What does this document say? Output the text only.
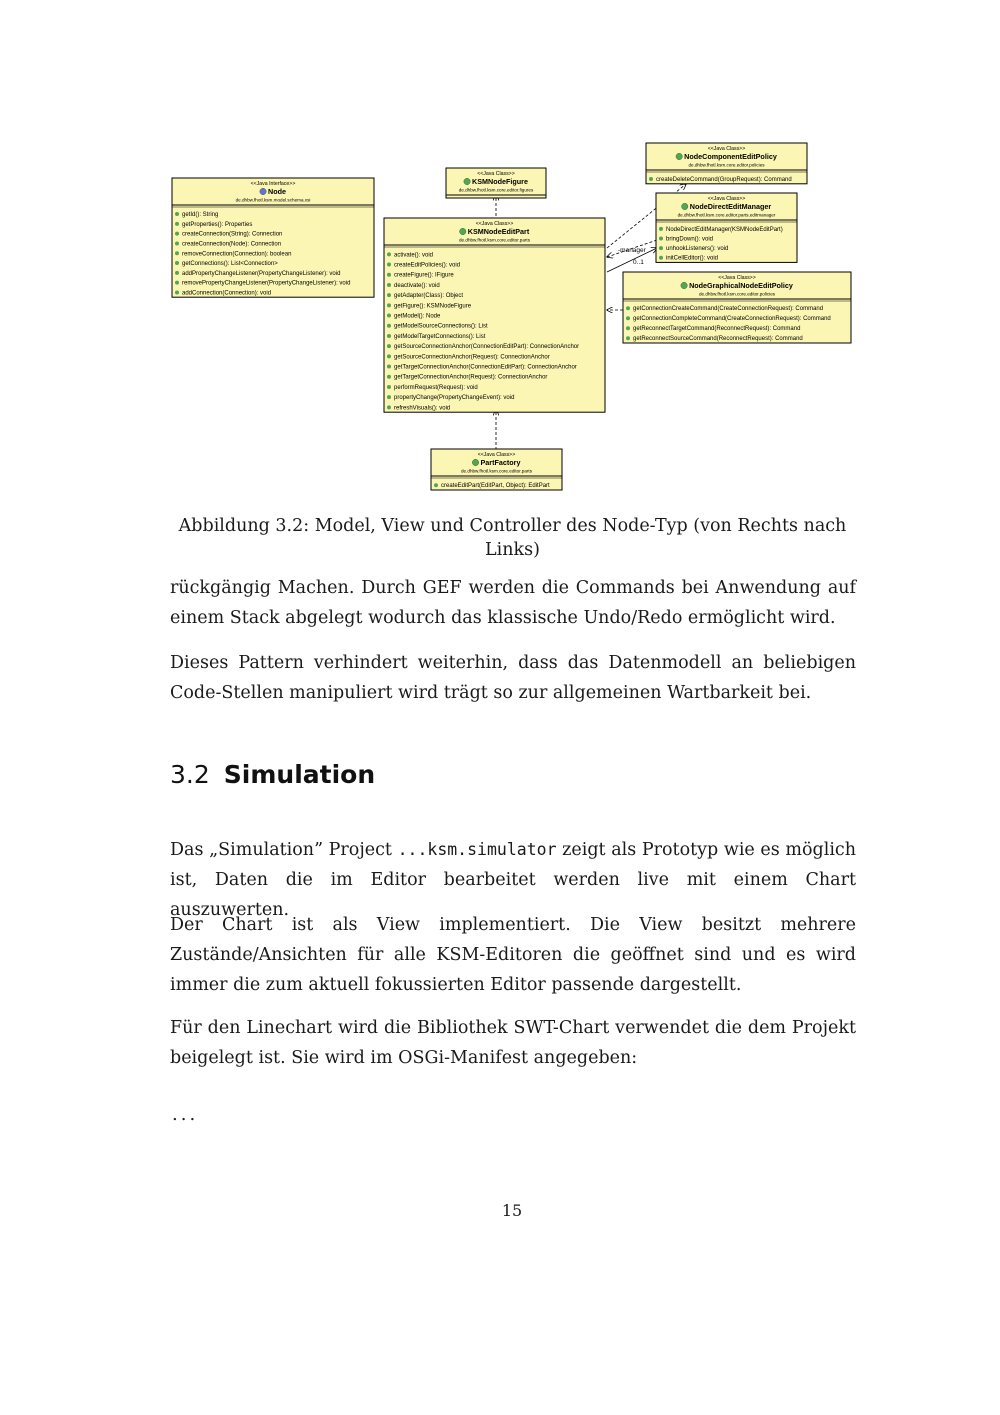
-manager
0..1
<<Java Interface>>
Node
de.dhbw.fhotl.ksm.model.schema.xsi
getId(): String
getProperties(): Properties
createConnection(String): Connection
createConnection(Node): Connection
removeConnection(Connection): boolean
getConnections(): List<Connection>
addPropertyChangeListener(PropertyChangeListener): void
removePropertyChangeListener(PropertyChangeListener): void
addConnection(Connection): void
<<Java Class>>
KSMNodeFigure
de.dhbw.fhotl.ksm.core.editor.figures
<<Java Class>>
KSMNodeEditPart
de.dhbw.fhotl.ksm.core.editor.parts
activate(): void
createEditPolicies(): void
createFigure(): IFigure
deactivate(): void
getAdapter(Class): Object
getFigure(): KSMNodeFigure
getModel(): Node
getModelSourceConnections(): List
getModelTargetConnections(): List
getSourceConnectionAnchor(ConnectionEditPart): ConnectionAnchor
getSourceConnectionAnchor(Request): ConnectionAnchor
getTargetConnectionAnchor(ConnectionEditPart): ConnectionAnchor
getTargetConnectionAnchor(Request): ConnectionAnchor
performRequest(Request): void
propertyChange(PropertyChangeEvent): void
refreshVisuals(): void
<<Java Class>>
NodeComponentEditPolicy
de.dhbw.fhotl.ksm.core.editor.policies
createDeleteCommand(GroupRequest): Command
<<Java Class>>
NodeDirectEditManager
de.dhbw.fhotl.ksm.core.editor.parts.editmanager
NodeDirectEditManager(KSMNodeEditPart)
bringDown(): void
unhookListeners(): void
initCellEditor(): void
<<Java Class>>
NodeGraphicalNodeEditPolicy
de.dhbw.fhotl.ksm.core.editor.policies
getConnectionCreateCommand(CreateConnectionRequest): Command
getConnectionCompleteCommand(CreateConnectionRequest): Command
getReconnectTargetCommand(ReconnectRequest): Command
getReconnectSourceCommand(ReconnectRequest): Command
<<Java Class>>
PartFactory
de.dhbw.fhotl.ksm.core.editor.parts
createEditPart(EditPart, Object): EditPart
Abbildung 3.2: Model, View und Controller des Node-Typ (von Rechts nach Links)

rückgängig Machen. Durch GEF werden die Commands bei Anwendung auf einem Stack abgelegt wodurch das klassische Undo/Redo ermöglicht wird.

Dieses Pattern verhindert weiterhin, dass das Datenmodell an beliebigen Code-Stellen manipuliert wird trägt so zur allgemeinen Wartbarkeit bei.

3.2 Simulation

Das „Simulation” Project ...ksm.simulator zeigt als Prototyp wie es möglich ist, Daten die im Editor bearbeitet werden live mit einem Chart auszuwerten.

Der Chart ist als View implementiert. Die View besitzt mehrere Zustände/Ansichten für alle KSM-Editoren die geöffnet sind und es wird immer die zum aktuell fokussierten Editor passende dargestellt.

Für den Linechart wird die Bibliothek SWT-Chart verwendet die dem Projekt beigelegt ist. Sie wird im OSGi-Manifest angegeben:

...
15
